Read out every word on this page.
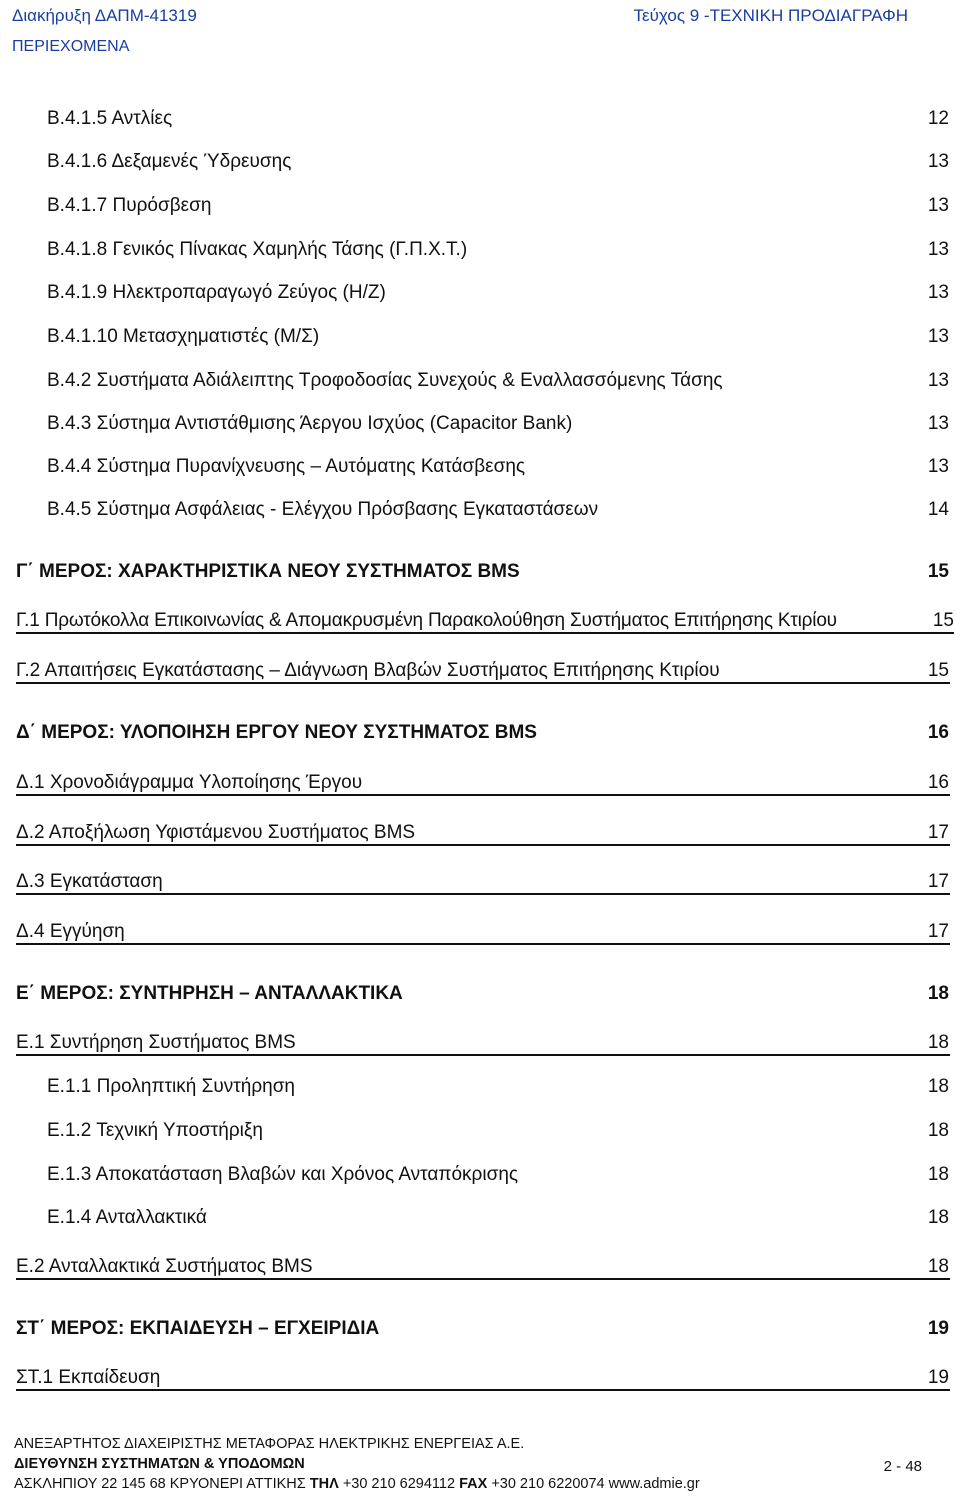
Διακήρυξη ΔΑΠΜ-41319	Τεύχος 9 -ΤΕΧΝΙΚΗ ΠΡΟΔΙΑΓΡΑΦΗ
ΠΕΡΙΕΧΟΜΕΝΑ
Β.4.1.5 Αντλίες	12
Β.4.1.6 Δεξαμενές Ύδρευσης	13
Β.4.1.7 Πυρόσβεση	13
Β.4.1.8 Γενικός Πίνακας Χαμηλής Τάσης (Γ.Π.Χ.Τ.)	13
Β.4.1.9 Ηλεκτροπαραγωγό Ζεύγος (Η/Ζ)	13
Β.4.1.10 Μετασχηματιστές (Μ/Σ)	13
Β.4.2 Συστήματα Αδιάλειπτης Τροφοδοσίας Συνεχούς & Εναλλασσόμενης Τάσης	13
Β.4.3 Σύστημα Αντιστάθμισης Άεργου Ισχύος (Capacitor Bank)	13
Β.4.4 Σύστημα Πυρανίχνευσης – Αυτόματης Κατάσβεσης	13
Β.4.5 Σύστημα Ασφάλειας - Ελέγχου Πρόσβασης Εγκαταστάσεων	14
Γ΄ ΜΕΡΟΣ: ΧΑΡΑΚΤΗΡΙΣΤΙΚΑ ΝΕΟΥ ΣΥΣΤΗΜΑΤΟΣ BMS	15
Γ.1 Πρωτόκολλα Επικοινωνίας & Απομακρυσμένη Παρακολούθηση Συστήματος Επιτήρησης Κτιρίου	15
Γ.2 Απαιτήσεις Εγκατάστασης – Διάγνωση Βλαβών Συστήματος Επιτήρησης Κτιρίου	15
Δ΄ ΜΕΡΟΣ: ΥΛΟΠΟΙΗΣΗ ΕΡΓΟΥ ΝΕΟΥ ΣΥΣΤΗΜΑΤΟΣ BMS	16
Δ.1 Χρονοδιάγραμμα Υλοποίησης Έργου	16
Δ.2 Αποξήλωση Υφιστάμενου Συστήματος BMS	17
Δ.3 Εγκατάσταση	17
Δ.4 Εγγύηση	17
Ε΄ ΜΕΡΟΣ: ΣΥΝΤΗΡΗΣΗ – ΑΝΤΑΛΛΑΚΤΙΚΑ	18
Ε.1 Συντήρηση Συστήματος BMS	18
Ε.1.1 Προληπτική Συντήρηση	18
Ε.1.2 Τεχνική Υποστήριξη	18
Ε.1.3 Αποκατάσταση Βλαβών και Χρόνος Ανταπόκρισης	18
Ε.1.4 Ανταλλακτικά	18
Ε.2 Ανταλλακτικά Συστήματος BMS	18
ΣΤ΄ ΜΕΡΟΣ: ΕΚΠΑΙΔΕΥΣΗ – ΕΓΧΕΙΡΙΔΙΑ	19
ΣΤ.1 Εκπαίδευση	19
ΑΝΕΞΑΡΤΗΤΟΣ ΔΙΑΧΕΙΡΙΣΤΗΣ ΜΕΤΑΦΟΡΑΣ ΗΛΕΚΤΡΙΚΗΣ ΕΝΕΡΓΕΙΑΣ Α.Ε.
ΔΙΕΥΘΥΝΣΗ ΣΥΣΤΗΜΑΤΩΝ & ΥΠΟΔΟΜΩΝ
ΑΣΚΛΗΠΙΟΥ 22 145 68 ΚΡΥΟΝΕΡΙ ΑΤΤΙΚΗΣ ΤΗΛ +30 210 6294112 FAX +30 210 6220074 www.admie.gr
2 - 48
